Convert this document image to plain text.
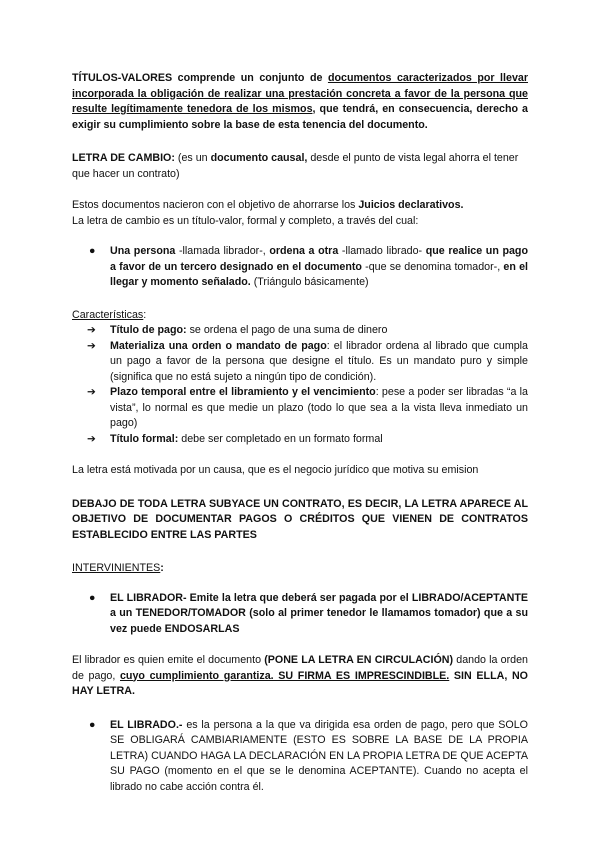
TÍTULOS-VALORES comprende un conjunto de documentos caracterizados por llevar incorporada la obligación de realizar una prestación concreta a favor de la persona que resulte legítimamente tenedora de los mismos, que tendrá, en consecuencia, derecho a exigir su cumplimiento sobre la base de esta tenencia del documento.

LETRA DE CAMBIO: (es un documento causal, desde el punto de vista legal ahorra el tener que hacer un contrato)

Estos documentos nacieron con el objetivo de ahorrarse los Juicios declarativos.

La letra de cambio es un título-valor, formal y completo, a través del cual:

● Una persona -llamada librador-, ordena a otra -llamado librado- que realice un pago a favor de un tercero designado en el documento -que se denomina tomador-, en el llegar y momento señalado. (Triángulo básicamente)

Características:

➔ Título de pago: se ordena el pago de una suma de dinero
➔ Materializa una orden o mandato de pago: el librador ordena al librado que cumpla un pago a favor de la persona que designe el título. Es un mandato puro y simple (significa que no está sujeto a ningún tipo de condición).
➔ Plazo temporal entre el libramiento y el vencimiento: pese a poder ser libradas “a la vista”, lo normal es que medie un plazo (todo lo que sea a la vista lleva inmediato un pago)
➔ Título formal: debe ser completado en un formato formal

La letra está motivada por un causa, que es el negocio jurídico que motiva su emision

DEBAJO DE TODA LETRA SUBYACE UN CONTRATO, ES DECIR, LA LETRA APARECE AL OBJETIVO DE DOCUMENTAR PAGOS O CRÉDITOS QUE VIENEN DE CONTRATOS ESTABLECIDO ENTRE LAS PARTES

INTERVINIENTES:

● EL LIBRADOR- Emite la letra que deberá ser pagada por el LIBRADO/ACEPTANTE a un TENEDOR/TOMADOR (solo al primer tenedor le llamamos tomador) que a su vez puede ENDOSARLAS

El librador es quien emite el documento (PONE LA LETRA EN CIRCULACIÓN) dando la orden de pago, cuyo cumplimiento garantiza. SU FIRMA ES IMPRESCINDIBLE. SIN ELLA, NO HAY LETRA.

● EL LIBRADO.- es la persona a la que va dirigida esa orden de pago, pero que SOLO SE OBLIGARÁ CAMBIARIAMENTE (ESTO ES SOBRE LA BASE DE LA PROPIA LETRA) CUANDO HAGA LA DECLARACIÓN EN LA PROPIA LETRA DE QUE ACEPTA SU PAGO (momento en el que se le denomina ACEPTANTE). Cuando no acepta el librado no cabe acción contra él.
